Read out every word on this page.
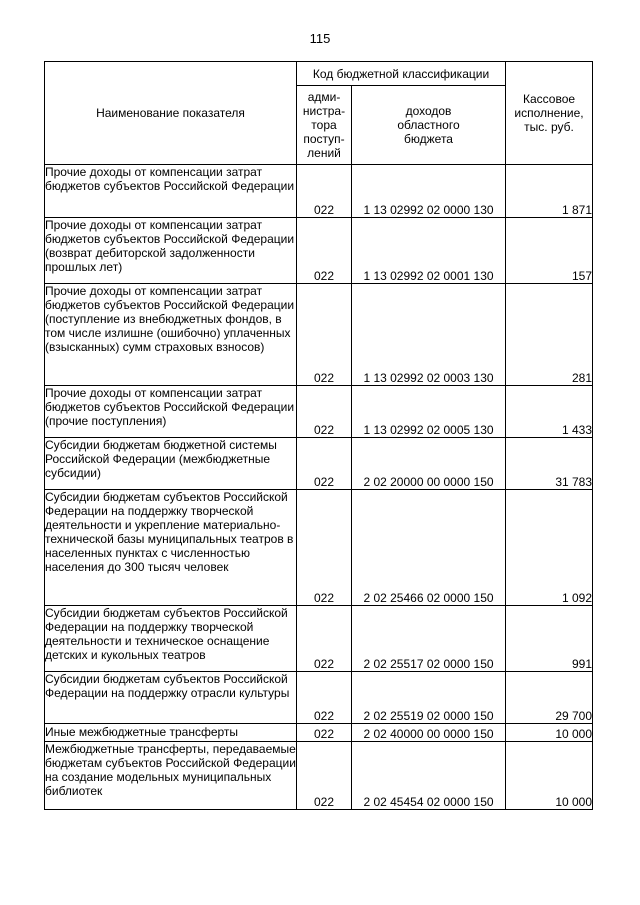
115
Наименование показателя	Код бюджетной классификации		Кассовое
исполнение,
тыс. руб.
	адми-
нистра-
тора
поступ-
лений	доходов
областного
бюджета	
Прочие доходы от компенсации затрат бюджетов субъектов Российской Федерации	022	1 13 02992 02 0000 130	1 871
Прочие доходы от компенсации затрат бюджетов субъектов Российской Федерации (возврат дебиторской задолженности прошлых лет)	022	1 13 02992 02 0001 130	157
Прочие доходы от компенсации затрат бюджетов субъектов Российской Федерации (поступление из внебюджетных фондов, в том числе излишне (ошибочно) уплаченных (взысканных) сумм страховых взносов)	022	1 13 02992 02 0003 130	281
Прочие доходы от компенсации затрат бюджетов субъектов Российской Федерации (прочие поступления)	022	1 13 02992 02 0005 130	1 433
Субсидии бюджетам бюджетной системы Российской Федерации (межбюджетные субсидии)	022	2 02 20000 00 0000 150	31 783
Субсидии бюджетам субъектов Российской Федерации на поддержку творческой деятельности и укрепление материально-технической базы муниципальных театров в населенных пунктах с численностью населения до 300 тысяч человек	022	2 02 25466 02 0000 150	1 092
Субсидии бюджетам субъектов Российской Федерации на поддержку творческой деятельности и техническое оснащение детских и кукольных театров	022	2 02 25517 02 0000 150	991
Субсидии бюджетам субъектов Российской Федерации на поддержку отрасли культуры	022	2 02 25519 02 0000 150	29 700
Иные межбюджетные трансферты	022	2 02 40000 00 0000 150	10 000
Межбюджетные трансферты, передаваемые бюджетам субъектов Российской Федерации на создание модельных муниципальных библиотек	022	2 02 45454 02 0000 150	10 000
